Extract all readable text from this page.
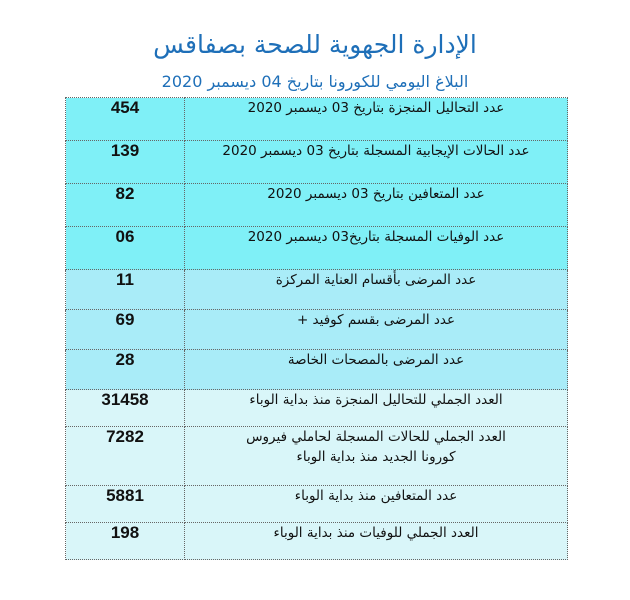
الإدارة الجهوية للصحة بصفاقس
البلاغ اليومي للكورونا بتاريخ 04 ديسمبر 2020
454	عدد التحاليل المنجزة بتاريخ 03 ديسمبر 2020
139	عدد الحالات الإيجابية المسجلة بتاريخ 03 ديسمبر 2020
82	عدد المتعافين بتاريخ 03 ديسمبر 2020
06	عدد الوفيات المسجلة بتاريخ03 ديسمبر 2020
11	عدد المرضى بأقسام العناية المركزة
69	عدد المرضى بقسم كوفيد +
28	عدد المرضى بالمصحات الخاصة
31458	العدد الجملي للتحاليل المنجزة منذ بداية الوباء
7282	العدد الجملي للحالات المسجلة لحاملي فيروس
كورونا الجديد منذ بداية الوباء

5881	عدد المتعافين منذ بداية الوباء
198	العدد الجملي للوفيات منذ بداية الوباء
